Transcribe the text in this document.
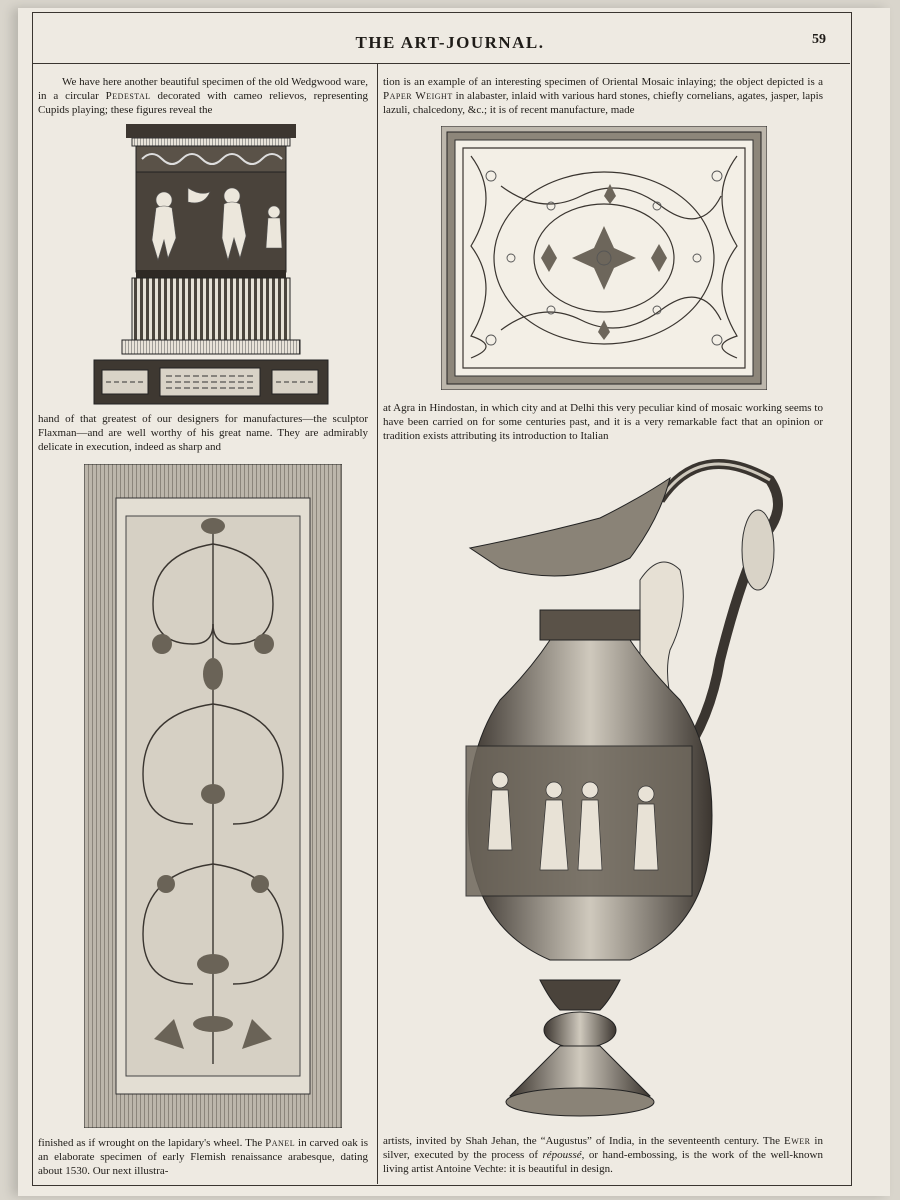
THE ART-JOURNAL.	59

We have here another beautiful specimen of the old Wedgwood ware, in a circular Pedestal decorated with cameo relievos, representing Cupids playing; these figures reveal the

hand of that greatest of our designers for manufactures—the sculptor Flaxman—and are well worthy of his great name. They are admirably delicate in execution, indeed as sharp and

finished as if wrought on the lapidary's wheel. The Panel in carved oak is an elaborate specimen of early Flemish renaissance arabesque, dating about 1530. Our next illustra-

tion is an example of an interesting specimen of Oriental Mosaic inlaying; the object depicted is a Paper Weight in alabaster, inlaid with various hard stones, chiefly cornelians, agates, jasper, lapis lazuli, chalcedony, &c.; it is of recent manufacture, made

at Agra in Hindostan, in which city and at Delhi this very peculiar kind of mosaic working seems to have been carried on for some centuries past, and it is a very remarkable fact that an opinion or tradition exists attributing its introduction to Italian

artists, invited by Shah Jehan, the “Augustus” of India, in the seventeenth century. The Ewer in silver, executed by the process of répoussé, or hand-embossing, is the work of the well-known living artist Antoine Vechte: it is beautiful in design.
